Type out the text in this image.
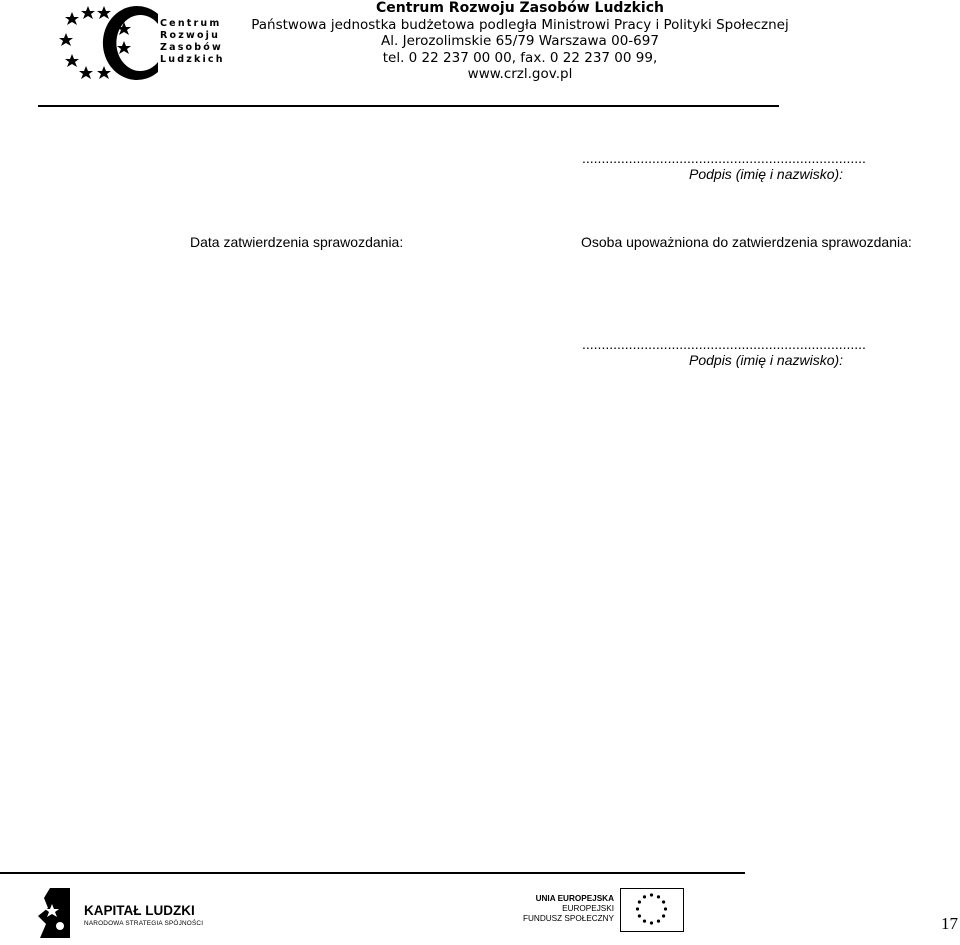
Centrum
Rozwoju
Zasobów
Ludzkich
Centrum Rozwoju Zasobów Ludzkich
Państwowa jednostka budżetowa podległa Ministrowi Pracy i Polityki Społecznej
Al. Jerozolimskie 65/79 Warszawa 00-697
tel. 0 22 237 00 00, fax. 0 22 237 00 99,
www.crzl.gov.pl
.........................................................................
Podpis (imię i nazwisko):
Data zatwierdzenia sprawozdania:	Osoba upoważniona do zatwierdzenia sprawozdania:
.........................................................................
Podpis (imię i nazwisko):
KAPITAŁ LUDZKI
NARODOWA STRATEGIA SPÓJNOŚCI
UNIA EUROPEJSKA
EUROPEJSKI
FUNDUSZ SPOŁECZNY	17
